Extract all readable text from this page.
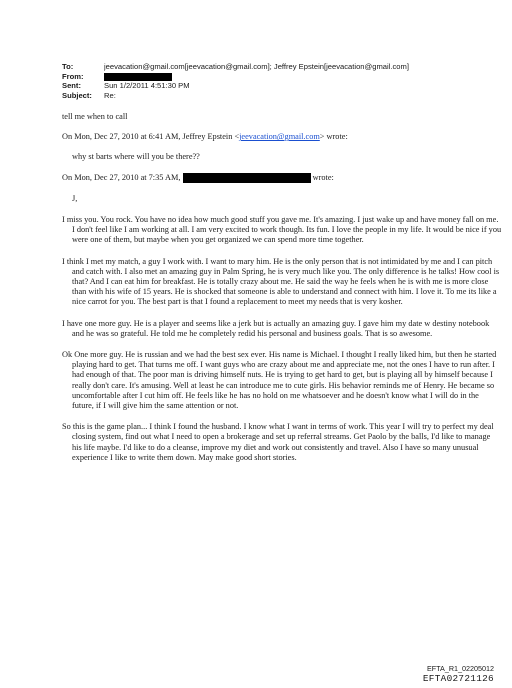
To:	jeevacation@gmail.com[jeevacation@gmail.com]; Jeffrey Epstein[jeevacation@gmail.com]
From:
Sent:	Sun 1/2/2011 4:51:30 PM
Subject:	Re:

tell me when to call

On Mon, Dec 27, 2010 at 6:41 AM, Jeffrey Epstein <jeevacation@gmail.com> wrote:

why st barts where will you be there??

On Mon, Dec 27, 2010 at 7:35 AM,	wrote:

J,

I miss you. You rock. You have no idea how much good stuff you gave me. It's amazing. I just wake up and have money fall on me. I don't feel like I am working at all. I am very excited to work though. Its fun. I love the people in my life. It would be nice if you were one of them, but maybe when you get organized we can spend more time together.

I think I met my match, a guy I work with. I want to mary him. He is the only person that is not intimidated by me and I can pitch and catch with. I also met an amazing guy in Palm Spring, he is very much like you. The only difference is he talks! How cool is that? And I can eat him for breakfast. He is totally crazy about me. He said the way he feels when he is with me is more close than with his wife of 15 years. He is shocked that someone is able to understand and connect with him. I love it. To me its like a nice carrot for you. The best part is that I found a replacement to meet my needs that is very kosher.

I have one more guy. He is a player and seems like a jerk but is actually an amazing guy. I gave him my date w destiny notebook and he was so grateful. He told me he completely redid his personal and business goals. That is so awesome.

Ok One more guy. He is russian and we had the best sex ever. His name is Michael. I thought I really liked him, but then he started playing hard to get. That turns me off. I want guys who are crazy about me and appreciate me, not the ones I have to run after. I had enough of that. The poor man is driving himself nuts. He is trying to get hard to get, but is playing all by himself because I really don't care. It's amusing. Well at least he can introduce me to cute girls. His behavior reminds me of Henry. He became so uncomfortable after I cut him off. He feels like he has no hold on me whatsoever and he doesn't know what I will do in the future, if I will give him the same attention or not.

So this is the game plan... I think I found the husband. I know what I want in terms of work. This year I will try to perfect my deal closing system, find out what I need to open a brokerage and set up referral streams. Get Paolo by the balls, I'd like to manage his life maybe. I'd like to do a cleanse, improve my diet and work out consistently and travel. Also I have so many unusual experience I like to write them down. May make good short stories.

EFTA_R1_02205012
EFTA02721126
